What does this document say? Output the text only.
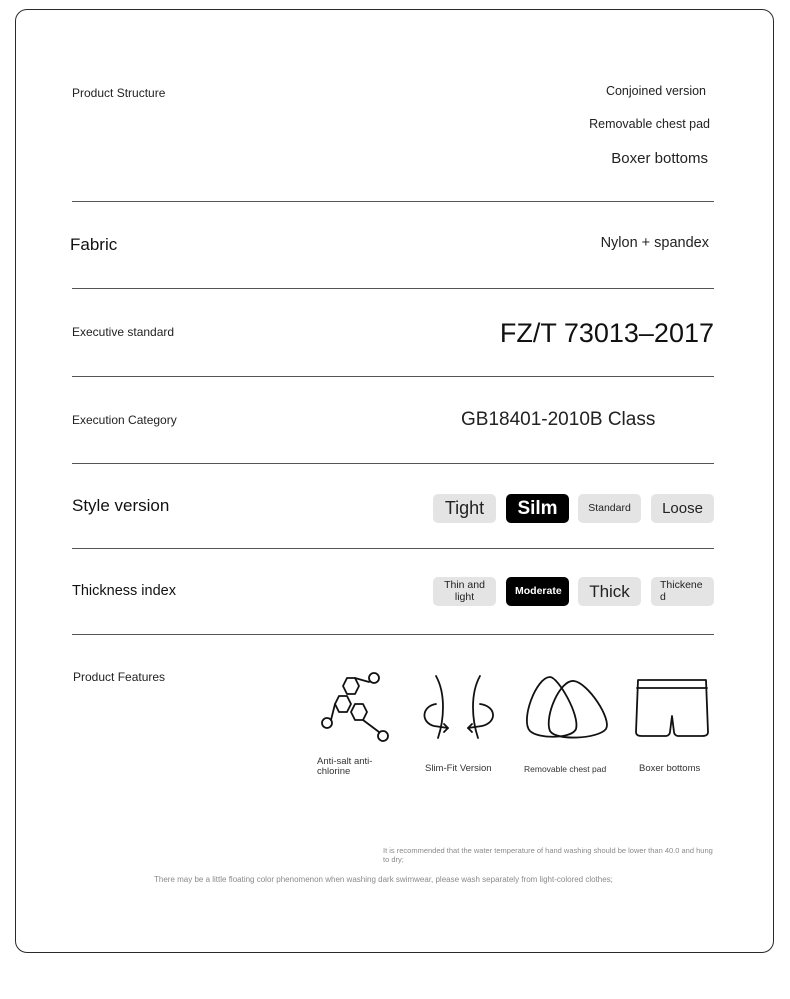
Product Structure	Conjoined version
Removable chest pad
Boxer bottoms
Fabric	Nylon + spandex
Executive standard	FZ/T 73013–2017
Execution Category	GB18401-2010B Class
Style version	Tight	Silm	Standard	Loose
Thickness index	Thin and light	Moderate	Thick	Thickened
Product Features
Anti-salt anti-chlorine	Slim-Fit Version	Removable chest pad	Boxer bottoms
It is recommended that the water temperature of hand washing should be lower than 40.0 and hung to dry;
There may be a little floating color phenomenon when washing dark swimwear, please wash separately from light-colored clothes;
